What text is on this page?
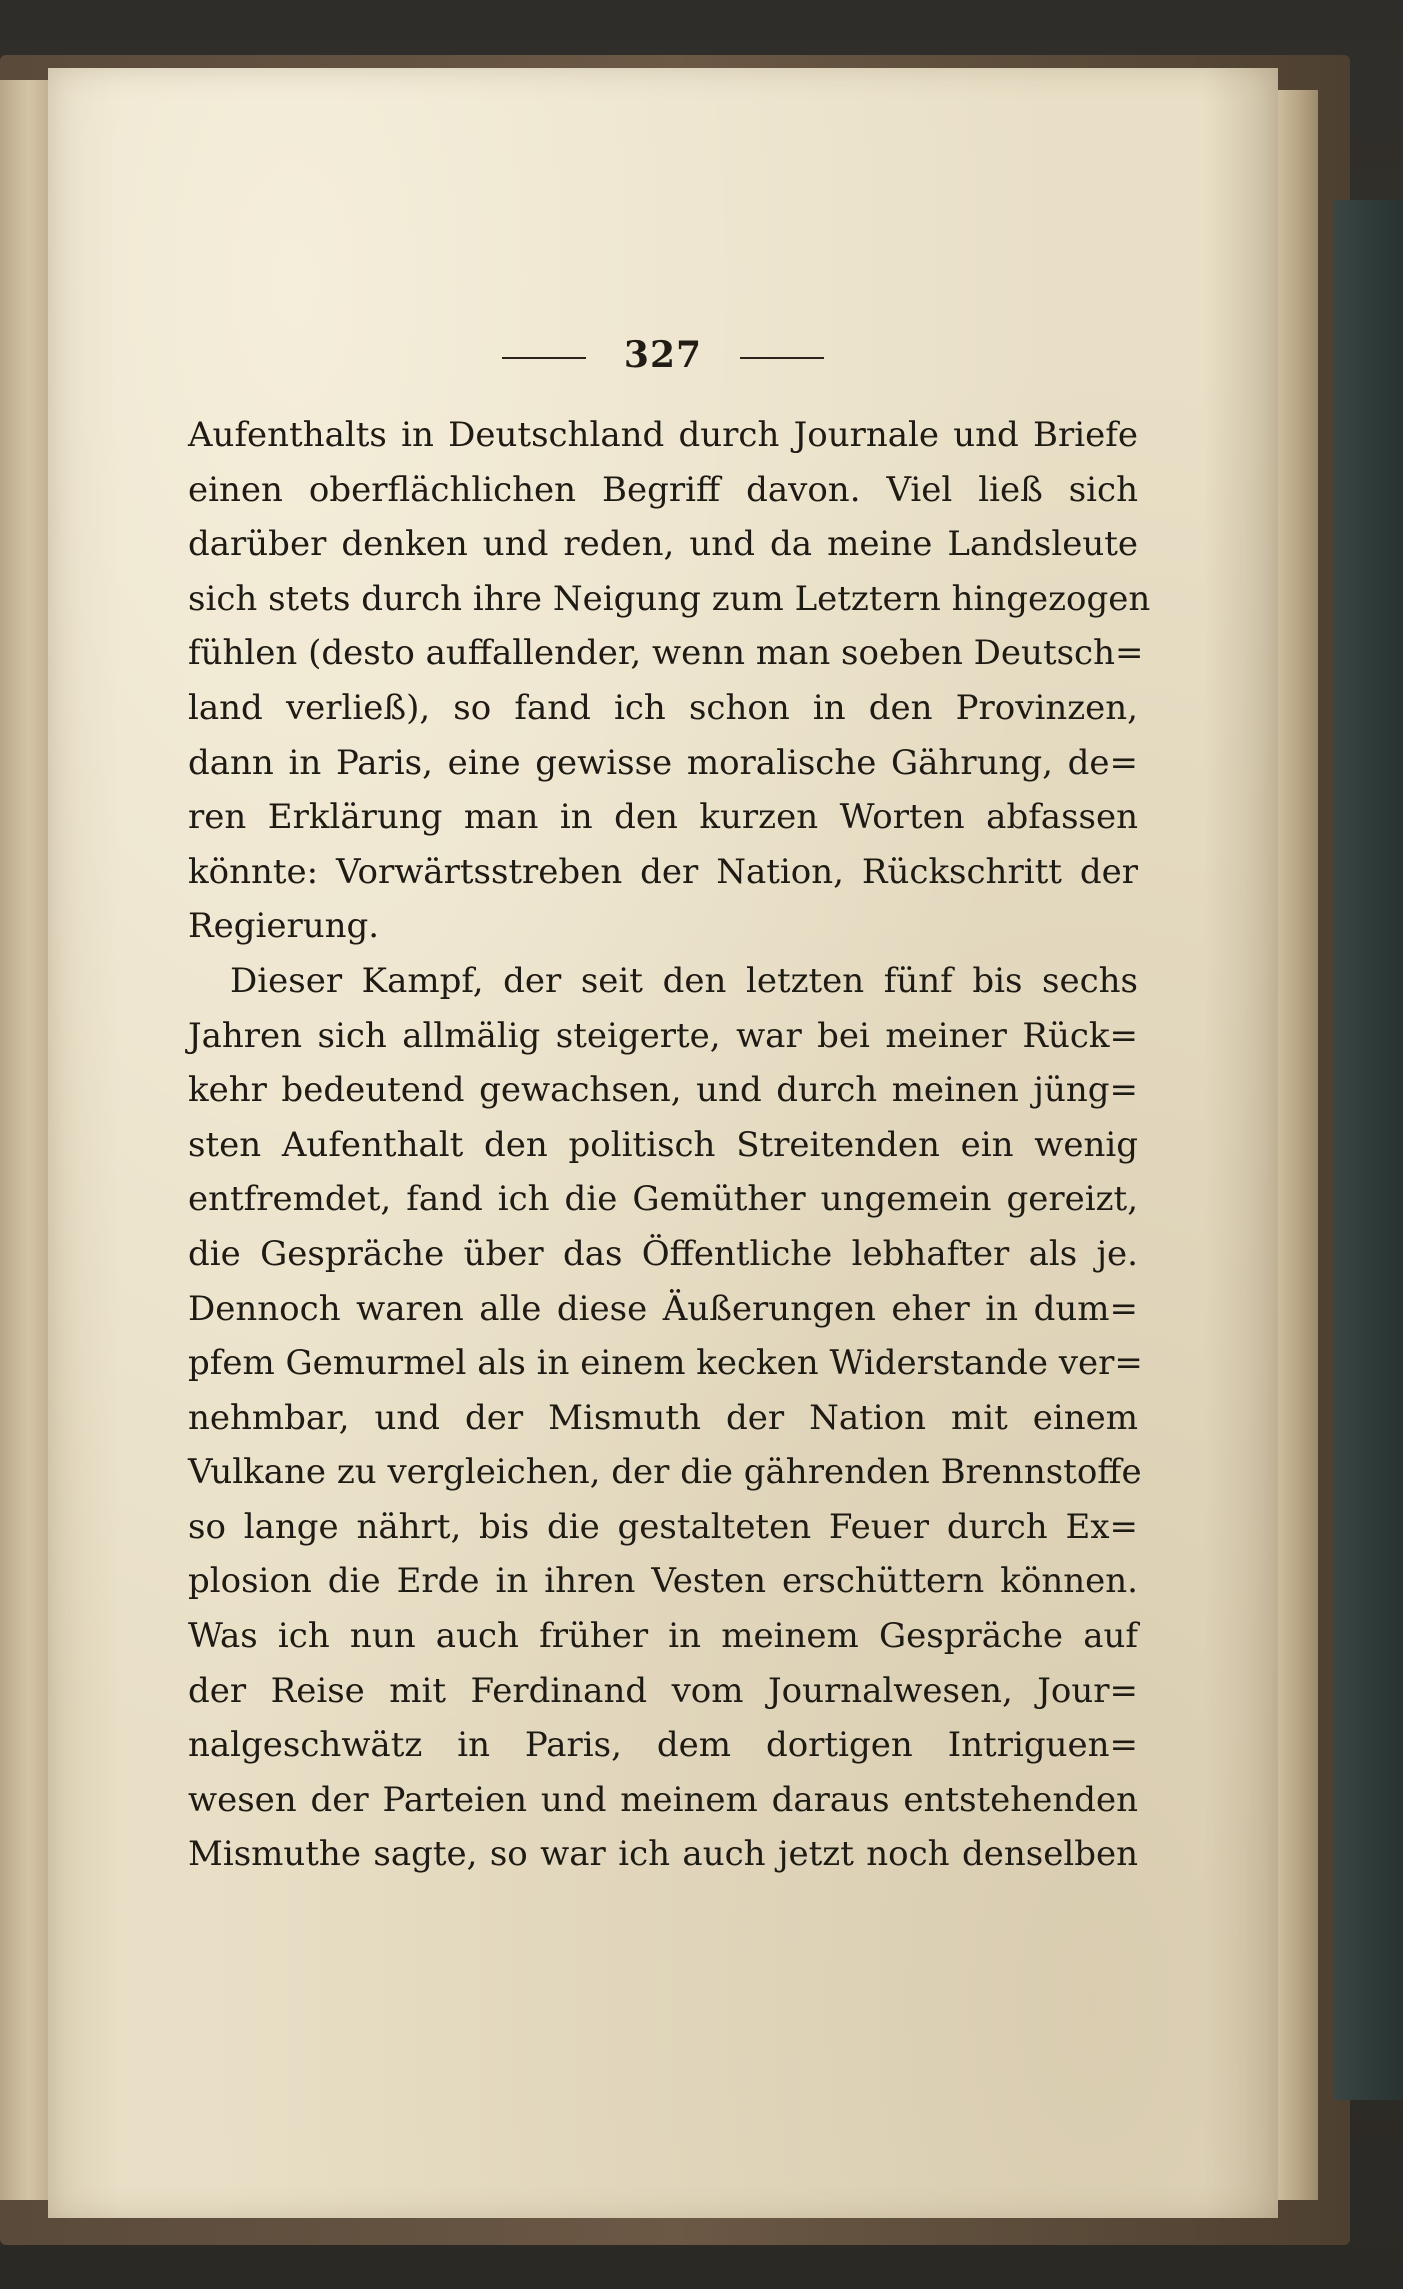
327
Aufenthalts in Deutschland durch Journale und Briefe
einen oberflächlichen Begriff davon. Viel ließ sich
darüber denken und reden, und da meine Landsleute
sich stets durch ihre Neigung zum Letztern hingezogen
fühlen (desto auffallender, wenn man soeben Deutsch=
land verließ), so fand ich schon in den Provinzen,
dann in Paris, eine gewisse moralische Gährung, de=
ren Erklärung man in den kurzen Worten abfassen
könnte: Vorwärtsstreben der Nation, Rückschritt der
Regierung.
Dieser Kampf, der seit den letzten fünf bis sechs
Jahren sich allmälig steigerte, war bei meiner Rück=
kehr bedeutend gewachsen, und durch meinen jüng=
sten Aufenthalt den politisch Streitenden ein wenig
entfremdet, fand ich die Gemüther ungemein gereizt,
die Gespräche über das Öffentliche lebhafter als je.
Dennoch waren alle diese Äußerungen eher in dum=
pfem Gemurmel als in einem kecken Widerstande ver=
nehmbar, und der Mismuth der Nation mit einem
Vulkane zu vergleichen, der die gährenden Brennstoffe
so lange nährt, bis die gestalteten Feuer durch Ex=
plosion die Erde in ihren Vesten erschüttern können.
Was ich nun auch früher in meinem Gespräche auf
der Reise mit Ferdinand vom Journalwesen, Jour=
nalgeschwätz in Paris, dem dortigen Intriguen=
wesen der Parteien und meinem daraus entstehenden
Mismuthe sagte, so war ich auch jetzt noch denselben
